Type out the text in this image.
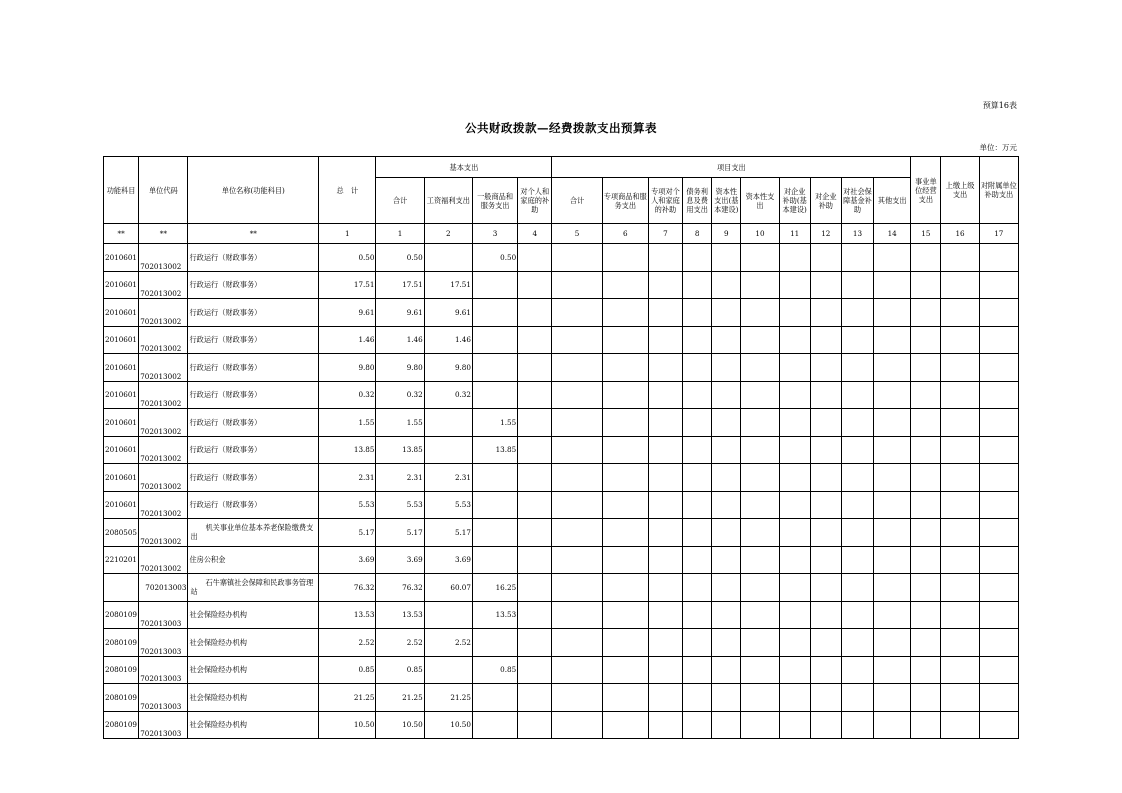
预算16表
公共财政拨款—经费拨款支出预算表
单位：万元
功能科目	单位代码	单位名称(功能科目)	总　计	基本支出				项目支出										事业单位经营支出	上缴上级支出	对附属单位补助支出
				合计	工资福利支出	一般商品和服务支出	对个人和家庭的补助	合计	专项商品和服务支出	专项对个人和家庭的补助	债务利息及费用支出	资本性支出(基本建设)	资本性支出	对企业补助(基本建设)	对企业补助	对社会保障基金补助	其他支出			
**	**	**	1	1	2	3	4	5	6	7	8	9	10	11	12	13	14	15	16	17
2010601	702013002	行政运行（财政事务）	0.50	0.50		0.50														
2010601	702013002	行政运行（财政事务）	17.51	17.51	17.51															
2010601	702013002	行政运行（财政事务）	9.61	9.61	9.61															
2010601	702013002	行政运行（财政事务）	1.46	1.46	1.46															
2010601	702013002	行政运行（财政事务）	9.80	9.80	9.80															
2010601	702013002	行政运行（财政事务）	0.32	0.32	0.32															
2010601	702013002	行政运行（财政事务）	1.55	1.55		1.55														
2010601	702013002	行政运行（财政事务）	13.85	13.85		13.85														
2010601	702013002	行政运行（财政事务）	2.31	2.31	2.31															
2010601	702013002	行政运行（财政事务）	5.53	5.53	5.53															
2080505	702013002	机关事业单位基本养老保险缴费支出	5.17	5.17	5.17															
2210201	702013002	住房公积金	3.69	3.69	3.69															
	702013003	石牛寨镇社会保障和民政事务管理站	76.32	76.32	60.07	16.25														
2080109	702013003	社会保险经办机构	13.53	13.53		13.53														
2080109	702013003	社会保险经办机构	2.52	2.52	2.52															
2080109	702013003	社会保险经办机构	0.85	0.85		0.85														
2080109	702013003	社会保险经办机构	21.25	21.25	21.25															
2080109	702013003	社会保险经办机构	10.50	10.50	10.50															
